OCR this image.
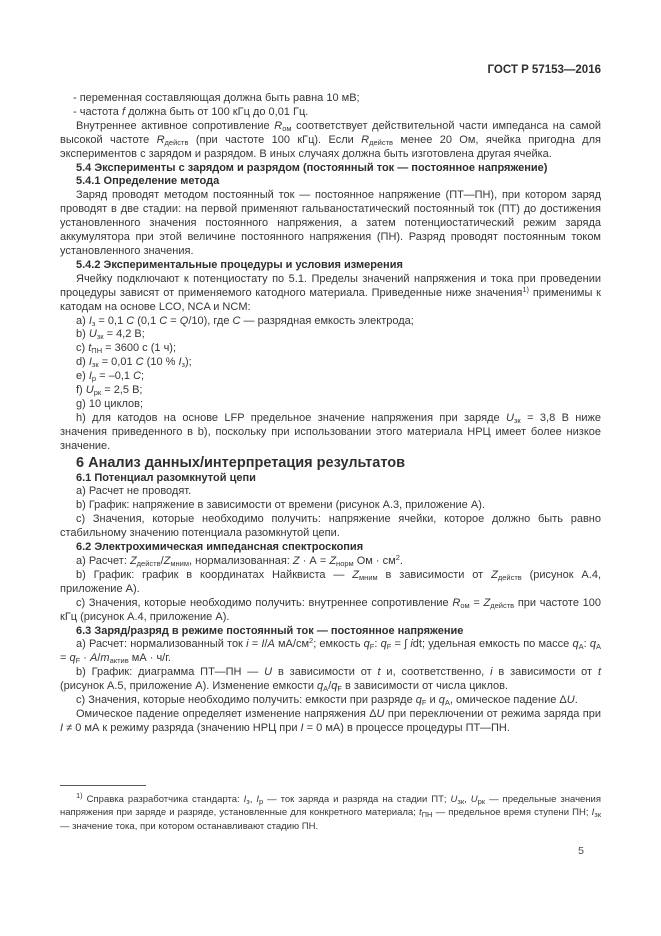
ГОСТ Р 57153—2016
- переменная составляющая должна быть равна 10 мВ;
- частота f должна быть от 100 кГц до 0,01 Гц.
Внутреннее активное сопротивление $R_{ом}$ соответствует действительной части импеданса на самой высокой частоте $R_{действ}$ (при частоте 100 кГц). Если $R_{действ}$ менее 20 Ом, ячейка пригодна для экспериментов с зарядом и разрядом. В иных случаях должна быть изготовлена другая ячейка.
5.4 Эксперименты с зарядом и разрядом (постоянный ток — постоянное напряжение)
5.4.1 Определение метода
Заряд проводят методом постоянный ток — постоянное напряжение (ПТ—ПН), при котором заряд проводят в две стадии: на первой применяют гальваностатический постоянный ток (ПТ) до достижения установленного значения постоянного напряжения, а затем потенциостатический режим заряда аккумулятора при этой величине постоянного напряжения (ПН). Разряд проводят постоянным током установленного значения.
5.4.2 Экспериментальные процедуры и условия измерения
Ячейку подключают к потенциостату по 5.1. Пределы значений напряжения и тока при проведении процедуры зависят от применяемого катодного материала. Приведенные ниже значения$^{1)}$ применимы к катодам на основе LCO, NCA и NCM:
a) $I_з = 0,1$ C (0,1 C = Q/10), где C — разрядная емкость электрода;
b) $U_{зк} = 4,2$ В;
c) $t_{ПН} = 3600$ с (1 ч);
d) $I_{зк} = 0,01$ C (10 % $I_з$);
e) $I_р = -0,1$ C;
f) $U_{рк} = 2,5$ В;
g) 10 циклов;
h) для катодов на основе LFP предельное значение напряжения при заряде $U_{зк} = 3,8$ В ниже значения приведенного в b), поскольку при использовании этого материала НРЦ имеет более низкое значение.
6 Анализ данных/интерпретация результатов
6.1 Потенциал разомкнутой цепи
a) Расчет не проводят.
b) График: напряжение в зависимости от времени (рисунок А.3, приложение А).
c) Значения, которые необходимо получить: напряжение ячейки, которое должно быть равно стабильному значению потенциала разомкнутой цепи.
6.2 Электрохимическая импедансная спектроскопия
a) Расчет: $Z_{действ}/Z_{мним}$, нормализованная: $Z \cdot А = Z_{норм}$ Ом · $см^2$.
b) График: график в координатах Найквиста — $Z_{мним}$ в зависимости от $Z_{действ}$ (рисунок А.4, приложение А).
c) Значения, которые необходимо получить: внутреннее сопротивление $R_{ом} = Z_{действ}$ при частоте 100 кГц (рисунок А.4, приложение А).
6.3 Заряд/разряд в режиме постоянный ток — постоянное напряжение
a) Расчет: нормализованный ток i = I/A $мА/см^2$; емкость $q_F$: $q_F$ = ∫ idt; удельная емкость по массе $q_А$: $q_А = q_F \cdot A/m_{актив}$ мА · ч/г.
b) График: диаграмма ПТ—ПН — U в зависимости от t и, соответственно, i в зависимости от t (рисунок А.5, приложение А). Изменение емкости $q_А/q_F$ в зависимости от числа циклов.
c) Значения, которые необходимо получить: емкости при разряде $q_F$ и $q_А$, омическое падение ΔU.
Омическое падение определяет изменение напряжения ΔU при переключении от режима заряда при I ≠ 0 мА к режиму разряда (значению НРЦ при I = 0 мА) в процессе процедуры ПТ—ПН.
$^{1)}$ Справка разработчика стандарта: $I_з$, $I_р$ — ток заряда и разряда на стадии ПТ; $U_{зк}$, $U_{рк}$ — предельные значения напряжения при заряде и разряде, установленные для конкретного материала; $t_{ПН}$ — предельное время ступени ПН; $I_{зк}$ — значение тока, при котором останавливают стадию ПН.
5
